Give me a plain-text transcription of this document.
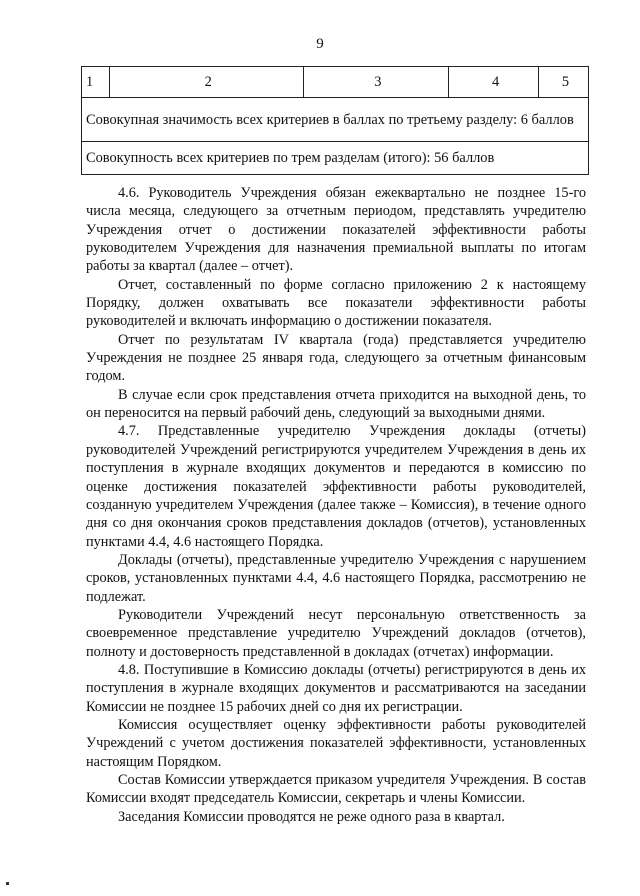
9
1	2	3	4	5
Совокупная значимость всех критериев в баллах по третьему разделу: 6 баллов
Совокупность всех критериев по трем разделам (итого): 56 баллов

4.6. Руководитель Учреждения обязан ежеквартально не позднее 15-го числа месяца, следующего за отчетным периодом, представлять учредителю Учреждения отчет о достижении показателей эффективности работы руководителем Учреждения для назначения премиальной выплаты по итогам работы за квартал (далее – отчет).

Отчет, составленный по форме согласно приложению 2 к настоящему Порядку, должен охватывать все показатели эффективности работы руководителей и включать информацию о достижении показателя.

Отчет по результатам IV квартала (года) представляется учредителю Учреждения не позднее 25 января года, следующего за отчетным финансовым годом.

В случае если срок представления отчета приходится на выходной день, то он переносится на первый рабочий день, следующий за выходными днями.

4.7. Представленные учредителю Учреждения доклады (отчеты) руководителей Учреждений регистрируются учредителем Учреждения в день их поступления в журнале входящих документов и передаются в комиссию по оценке достижения показателей эффективности работы руководителей, созданную учредителем Учреждения (далее также – Комиссия), в течение одного дня со дня окончания сроков представления докладов (отчетов), установленных пунктами 4.4, 4.6 настоящего Порядка.

Доклады (отчеты), представленные учредителю Учреждения с нарушением сроков, установленных пунктами 4.4, 4.6 настоящего Порядка, рассмотрению не подлежат.

Руководители Учреждений несут персональную ответственность за своевременное представление учредителю Учреждений докладов (отчетов), полноту и достоверность представленной в докладах (отчетах) информации.

4.8. Поступившие в Комиссию доклады (отчеты) регистрируются в день их поступления в журнале входящих документов и рассматриваются на заседании Комиссии не позднее 15 рабочих дней со дня их регистрации.

Комиссия осуществляет оценку эффективности работы руководителей Учреждений с учетом достижения показателей эффективности, установленных настоящим Порядком.

Состав Комиссии утверждается приказом учредителя Учреждения. В состав Комиссии входят председатель Комиссии, секретарь и члены Комиссии.

Заседания Комиссии проводятся не реже одного раза в квартал.
